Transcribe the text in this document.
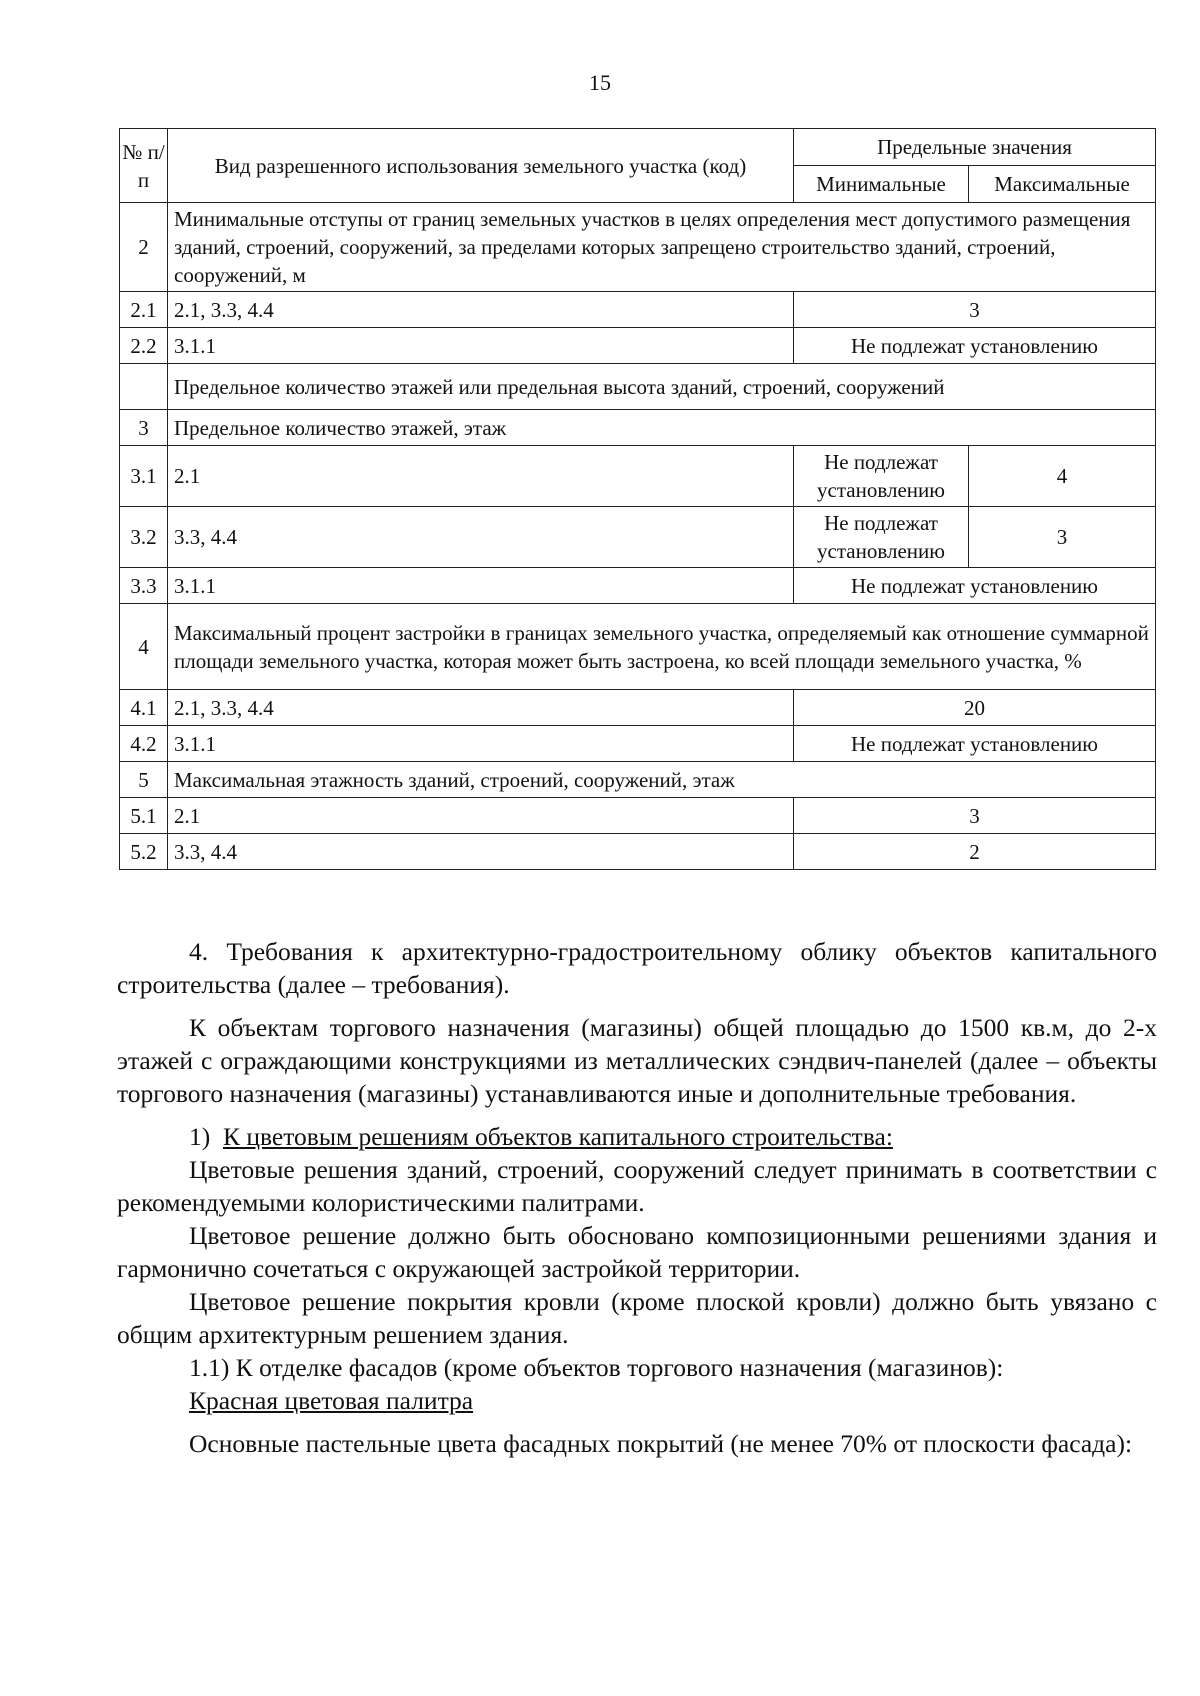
15
№ п/п	Вид разрешенного использования земельного участка (код)	Предельные значения	
		Минимальные	Максимальные
2	Минимальные отступы от границ земельных участков в целях определения мест допустимого размещения зданий, строений, сооружений, за пределами которых запрещено строительство зданий, строений, сооружений, м		
2.1	2.1, 3.3, 4.4	3	
2.2	3.1.1	Не подлежат установлению	
	Предельное количество этажей или предельная высота зданий, строений, сооружений		
3	Предельное количество этажей, этаж		
3.1	2.1	Не подлежат установлению	4
3.2	3.3, 4.4	Не подлежат установлению	3
3.3	3.1.1	Не подлежат установлению	
4	Максимальный процент застройки в границах земельного участка, определяемый как отношение суммарной площади земельного участка, которая может быть застроена, ко всей площади земельного участка, %		
4.1	2.1, 3.3, 4.4	20	
4.2	3.1.1	Не подлежат установлению	
5	Максимальная этажность зданий, строений, сооружений, этаж		
5.1	2.1	3	
5.2	3.3, 4.4	2	

4. Требования к архитектурно-градостроительному облику объектов капитального строительства (далее – требования).

К объектам торгового назначения (магазины) общей площадью до 1500 кв.м, до 2-х этажей с ограждающими конструкциями из металлических сэндвич-панелей (далее – объекты торгового назначения (магазины) устанавливаются иные и дополнительные требования.

1) К цветовым решениям объектов капитального строительства:

Цветовые решения зданий, строений, сооружений следует принимать в соответствии с рекомендуемыми колористическими палитрами.

Цветовое решение должно быть обосновано композиционными решениями здания и гармонично сочетаться с окружающей застройкой территории.

Цветовое решение покрытия кровли (кроме плоской кровли) должно быть увязано с общим архитектурным решением здания.

1.1) К отделке фасадов (кроме объектов торгового назначения (магазинов):

Красная цветовая палитра

Основные пастельные цвета фасадных покрытий (не менее 70% от плоскости фасада):
